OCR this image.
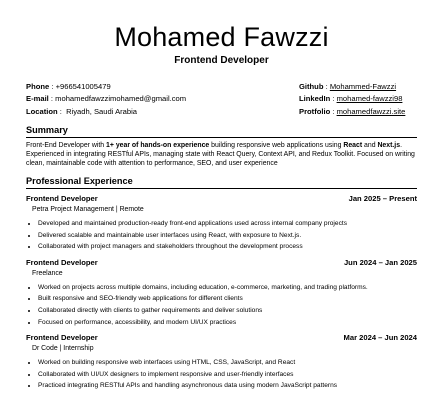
Mohamed Fawzzi
Frontend Developer
Phone : +966541005479
E-mail : mohamedfawzzimohamed@gmail.com
Location :  Riyadh, Saudi Arabia
Github : Mohammed-Fawzzi
LinkedIn : mohamed-fawzzi98
Protfolio : mohamedfawzzi.site
Summary
Front-End Developer with 1+ year of hands-on experience building responsive web applications using React and Next.js. Experienced in integrating RESTful APIs, managing state with React Query, Context API, and Redux Toolkit. Focused on writing clean, maintainable code with attention to performance, SEO, and user experience
Professional Experience
Frontend Developer	Jan 2025 – Present
Petra Project Management | Remote
• Developed and maintained production-ready front-end applications used across internal company projects
• Delivered scalable and maintainable user interfaces using React, with exposure to Next.js.
• Collaborated with project managers and stakeholders throughout the development process
Frontend Developer	Jun 2024 – Jan 2025
Freelance
• Worked on projects across multiple domains, including education, e-commerce, marketing, and trading platforms.
• Built responsive and SEO-friendly web applications for different clients
• Collaborated directly with clients to gather requirements and deliver solutions
• Focused on performance, accessibility, and modern UI/UX practices
Frontend Developer	Mar 2024 – Jun 2024
Dr Code | Internship
• Worked on building responsive web interfaces using HTML, CSS, JavaScript, and React
• Collaborated with UI/UX designers to implement responsive and user-friendly interfaces
• Practiced integrating RESTful APIs and handling asynchronous data using modern JavaScript patterns
